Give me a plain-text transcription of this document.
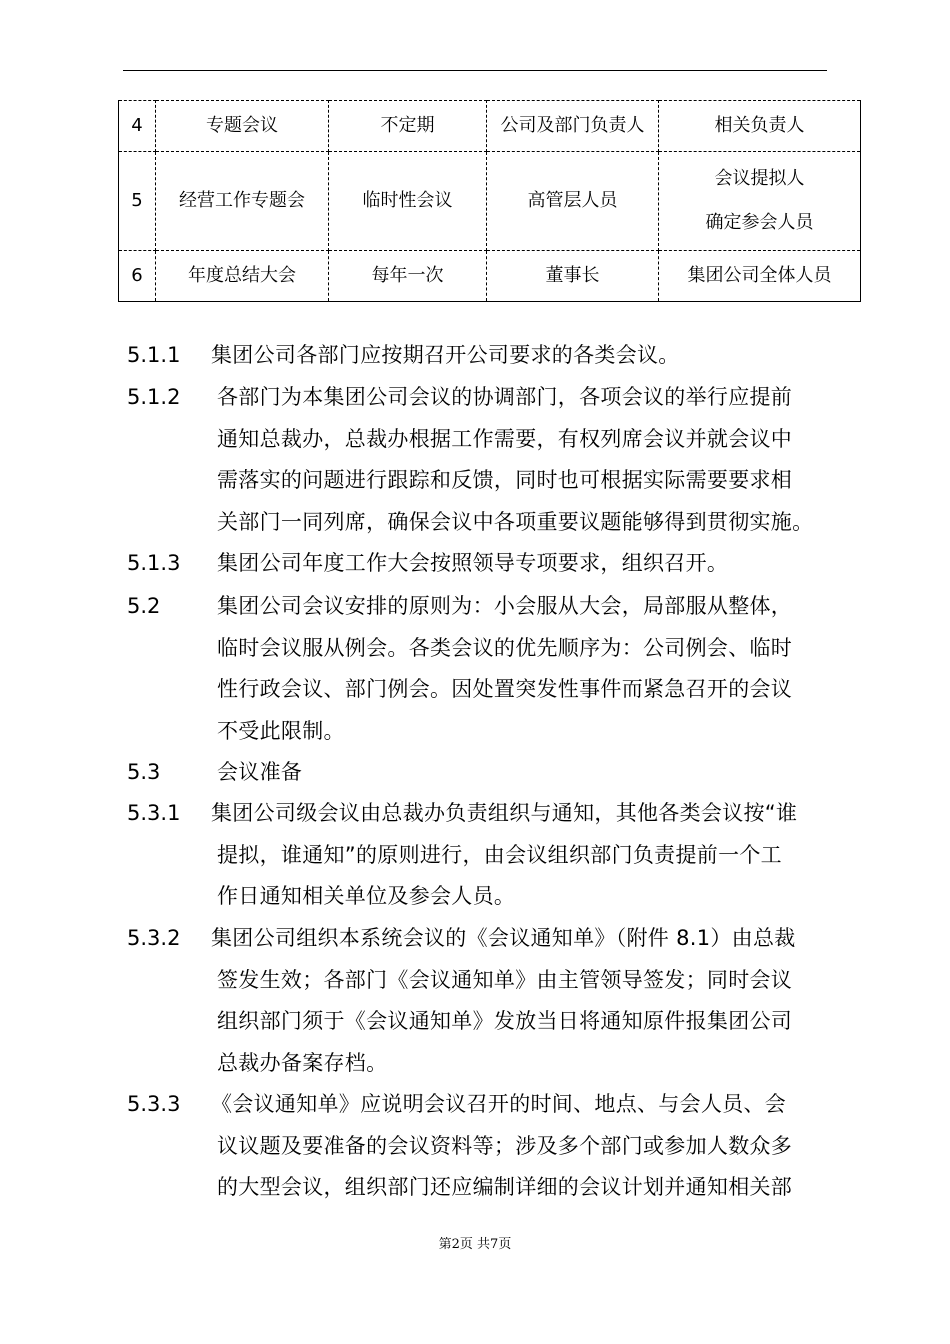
4	专题会议	不定期	公司及部门负责人	相关负责人

5	经营工作专题会	临时性会议	高管层人员	会议提拟人
确定参会人员

6	年度总结大会	每年一次	董事长	集团公司全体人员
5.1.1 集团公司各部门应按期召开公司要求的各类会议。
5.1.2 各部门为本集团公司会议的协调部门，各项会议的举行应提前
通知总裁办，总裁办根据工作需要，有权列席会议并就会议中
需落实的问题进行跟踪和反馈，同时也可根据实际需要要求相
关部门一同列席，确保会议中各项重要议题能够得到贯彻实施。
5.1.3 集团公司年度工作大会按照领导专项要求，组织召开。
5.2	集团公司会议安排的原则为：小会服从大会，局部服从整体，
临时会议服从例会。各类会议的优先顺序为：公司例会、临时
性行政会议、部门例会。因处置突发性事件而紧急召开的会议
不受此限制。
5.3	会议准备
5.3.1 集团公司级会议由总裁办负责组织与通知，其他各类会议按“谁
提拟，谁通知”的原则进行，由会议组织部门负责提前一个工
作日通知相关单位及参会人员。
5.3.2 集团公司组织本系统会议的《会议通知单》（附件 8.1）由总裁
签发生效；各部门《会议通知单》由主管领导签发；同时会议
组织部门须于《会议通知单》发放当日将通知原件报集团公司
总裁办备案存档。
5.3.3 《会议通知单》应说明会议召开的时间、地点、与会人员、会
议议题及要准备的会议资料等；涉及多个部门或参加人数众多
的大型会议，组织部门还应编制详细的会议计划并通知相关部
第2页 共7页
